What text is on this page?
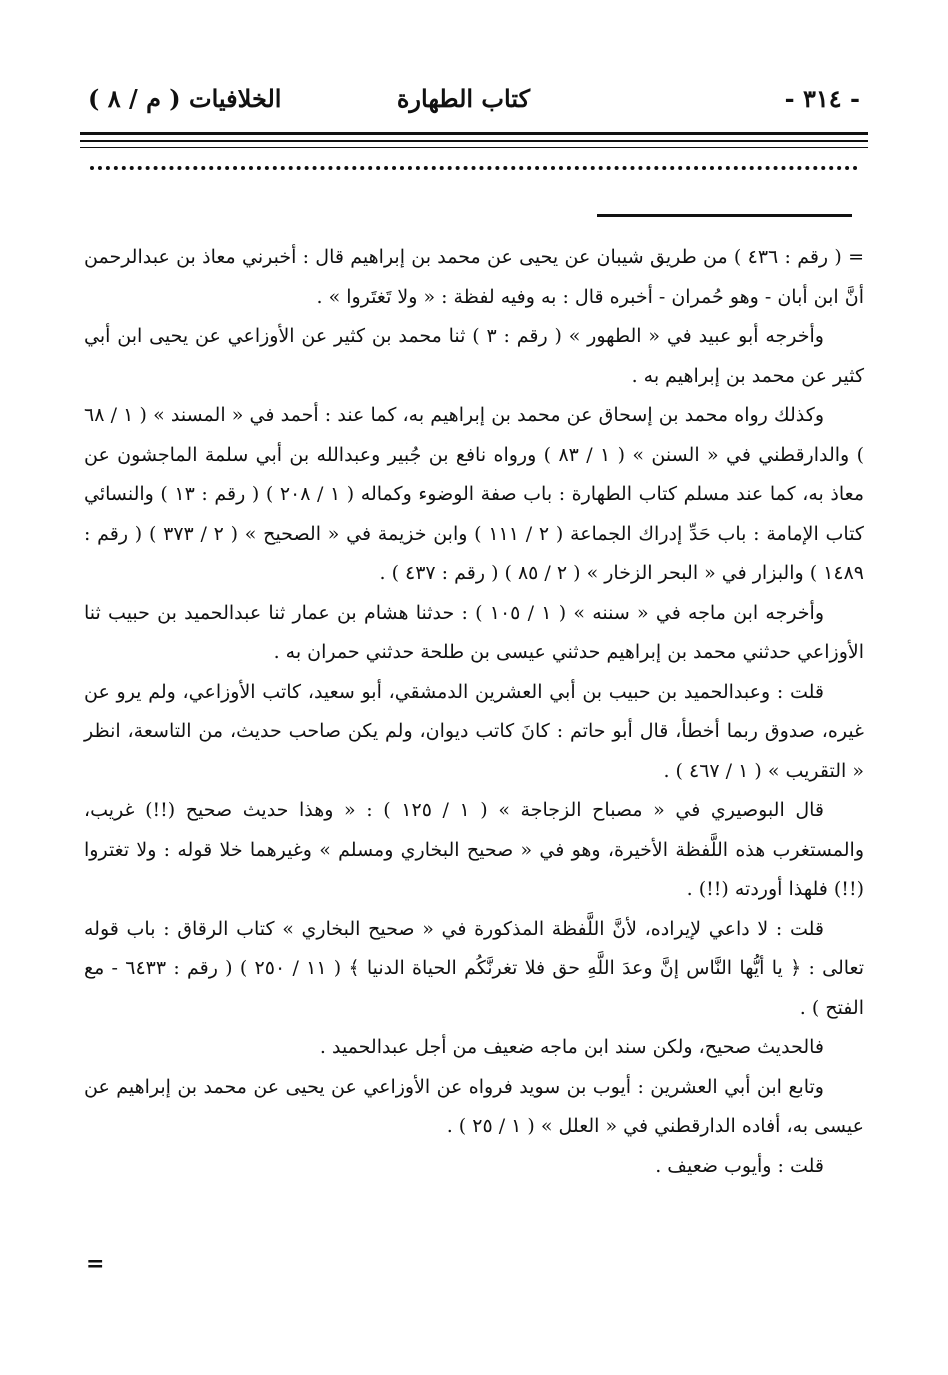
- ٣١٤ -
كتاب الطهارة
الخلافيات ( م / ٨ )

= ( رقم : ٤٣٦ ) من طريق شيبان عن يحيى عن محمد بن إبراهيم قال : أخبرني معاذ بن عبدالرحمن أنَّ ابن أبان - وهو حُمران - أخبره قال : به وفيه لفظة : « ولا تَغتَروا » .

وأخرجه أبو عبيد في « الطهور » ( رقم : ٣ ) ثنا محمد بن كثير عن الأوزاعي عن يحيى ابن أبي كثير عن محمد بن إبراهيم به .

وكذلك رواه محمد بن إسحاق عن محمد بن إبراهيم به، كما عند : أحمد في « المسند » ( ١ / ٦٨ ) والدارقطني في « السنن » ( ١ / ٨٣ ) ورواه نافع بن جُبير وعبدالله بن أبي سلمة الماجشون عن معاذ به، كما عند مسلم كتاب الطهارة : باب صفة الوضوء وكماله ( ١ / ٢٠٨ ) ( رقم : ١٣ ) والنسائي كتاب الإمامة : باب حَدِّ إدراك الجماعة ( ٢ / ١١١ ) وابن خزيمة في « الصحيح » ( ٢ / ٣٧٣ ) ( رقم : ١٤٨٩ ) والبزار في « البحر الزخار » ( ٢ / ٨٥ ) ( رقم : ٤٣٧ ) .

وأخرجه ابن ماجه في « سننه » ( ١ / ١٠٥ ) : حدثنا هشام بن عمار ثنا عبدالحميد بن حبيب ثنا الأوزاعي حدثني محمد بن إبراهيم حدثني عيسى بن طلحة حدثني حمران به .

قلت : وعبدالحميد بن حبيب بن أبي العشرين الدمشقي، أبو سعيد، كاتب الأوزاعي، ولم يرو عن غيره، صدوق ربما أخطأ، قال أبو حاتم : كانَ كاتب ديوان، ولم يكن صاحب حديث، من التاسعة، انظر « التقريب » ( ١ / ٤٦٧ ) .

قال البوصيري في « مصباح الزجاجة » ( ١ / ١٢٥ ) : « وهذا حديث صحيح (!!) غريب، والمستغرب هذه اللَّفظة الأخيرة، وهو في « صحيح البخاري ومسلم » وغيرهما خلا قوله : ولا تغتروا (!!) فلهذا أوردته (!!) .

قلت : لا داعي لإيراده، لأنَّ اللَّفظة المذكورة في « صحيح البخاري » كتاب الرقاق : باب قوله تعالى : ﴿ يا أيُّها النَّاس إنَّ وعدَ اللَّهِ حق فلا تغرنَّكُم الحياة الدنيا ﴾ ( ١١ / ٢٥٠ ) ( رقم : ٦٤٣٣ - مع الفتح ) .

فالحديث صحيح، ولكن سند ابن ماجه ضعيف من أجل عبدالحميد .

وتابع ابن أبي العشرين : أيوب بن سويد فرواه عن الأوزاعي عن يحيى عن محمد بن إبراهيم عن عيسى به، أفاده الدارقطني في « العلل » ( ١ / ٢٥ ) .

قلت : وأيوب ضعيف .

=
